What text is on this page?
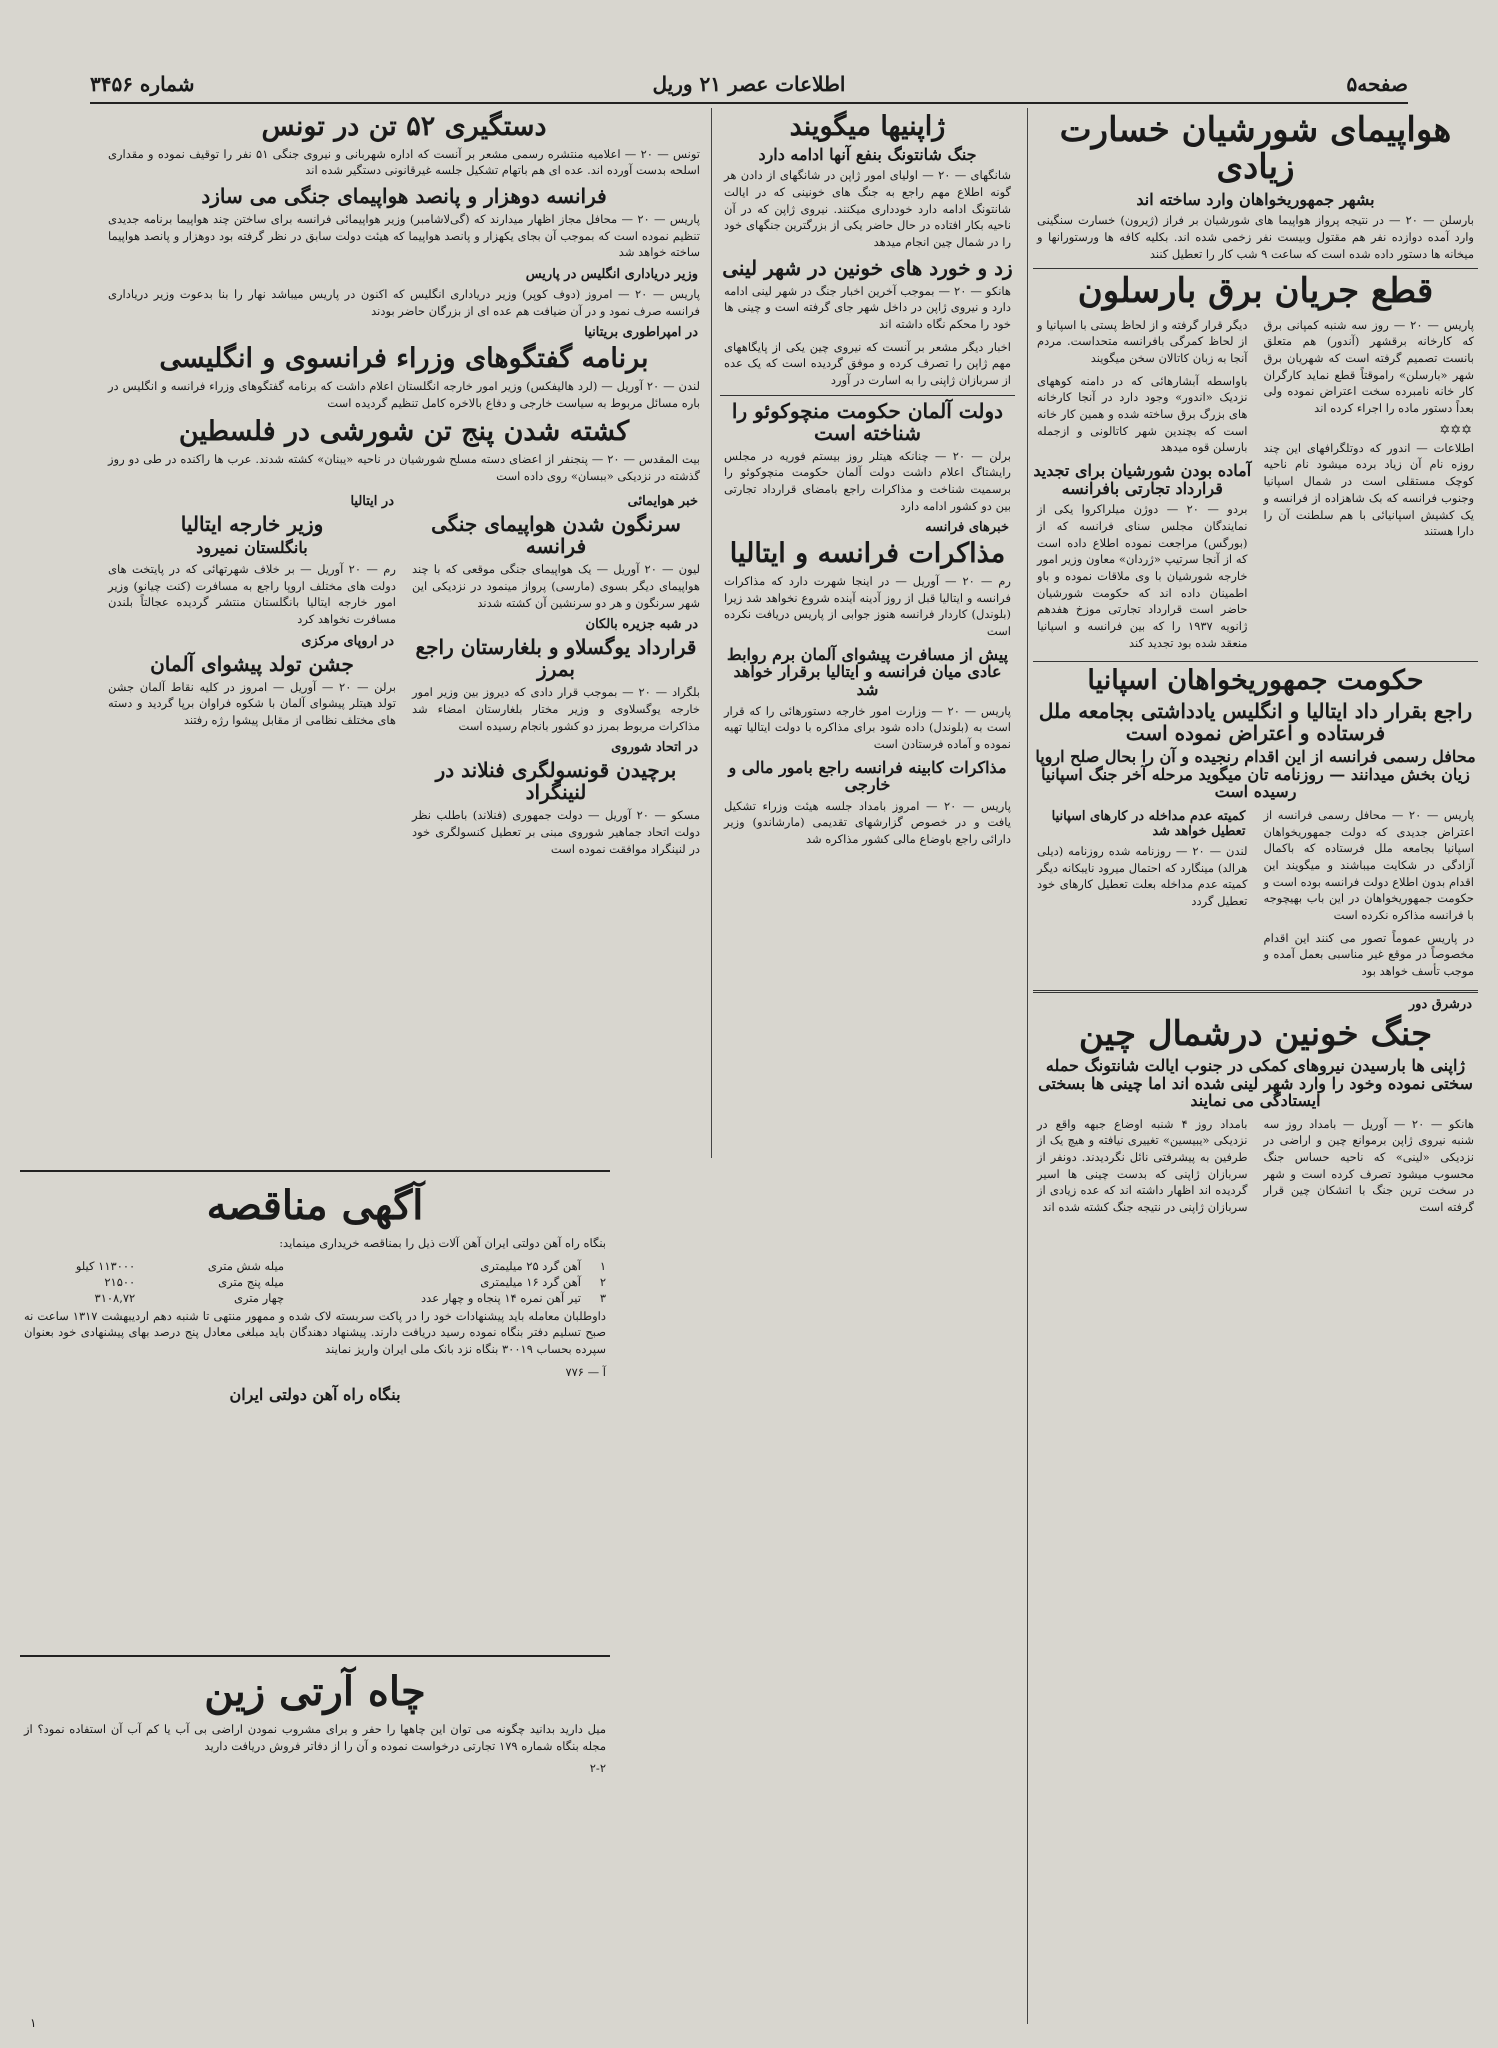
صفحه۵
اطلاعات عصر ۲۱ وریل
شماره ۳۴۵۶
هواپیمای شورشیان خسارت زیادی
بشهر جمهوریخواهان وارد ساخته اند
بارسلن — ۲۰ — در نتیجه پرواز هواپیما های شورشیان بر فراز (ژیرون) خسارت سنگینی وارد آمده دوازده نفر هم مقتول وبیست نفر زخمی شده اند. بکلیه کافه ها ورستورانها و میخانه ها دستور داده شده است که ساعت ۹ شب کار را تعطیل کنند
قطع جریان برق بارسلون
پاریس — ۲۰ — روز سه شنبه کمپانی برق که کارخانه برقشهر (آندور) هم متعلق بانست تصمیم گرفته است که شهریان برق شهر «بارسلن» راموقتاً قطع نماید کارگران کار خانه نامبرده سخت اعتراض نموده ولی بعداً دستور ماده را اجراء کرده اند
✡✡✡
اطلاعات — اندور که دوتلگرافهای این چند روزه نام آن زیاد برده میشود نام ناحیه کوچک مستقلی است در شمال اسپانیا وجنوب فرانسه که بک شاهزاده از فرانسه و یک کشیش اسپانیائی با هم سلطنت آن را دارا هستند
دیگر قرار گرفته و از لحاظ پستی با اسپانیا و از لحاظ کمرگی بافرانسه متحداست. مردم آنجا به زبان کاتالان سخن میگویند
باواسطه آبشارهائی که در دامنه کوههای نزدیک «اندور» وجود دارد در آنجا کارخانه های بزرگ برق ساخته شده و همین کار خانه است که بچندین شهر کاتالونی و ازجمله بارسلن قوه میدهد
آماده بودن شورشیان برای تجدید قرارداد تجارتی بافرانسه
بردو — ۲۰ — دوژن میلراکروا یکی از نمایندگان مجلس سنای فرانسه که از (بورگس) مراجعت نموده اطلاع داده است که از آنجا سرتیپ «ژردان» معاون وزیر امور خارجه شورشیان با وی ملاقات نموده و باو اطمینان داده اند که حکومت شورشیان حاضر است قرارداد تجارتی موزخ هفدهم ژانویه ۱۹۳۷ را که بین فرانسه و اسپانیا منعقد شده بود تجدید کند
حکومت جمهوریخواهان اسپانیا
راجع بقرار داد ایتالیا و انگلیس یادداشتی بجامعه ملل فرستاده و اعتراض نموده است
محافل رسمی فرانسه از این اقدام رنجیده و آن را بحال صلح اروپا زیان بخش میدانند — روزنامه تان میگوید مرحله آخر جنگ اسپانیا رسیده است
پاریس — ۲۰ — محافل رسمی فرانسه از اعتراض جدیدی که دولت جمهوریخواهان اسپانیا بجامعه ملل فرستاده که باکمال آزادگی در شکایت میباشند و میگویند این اقدام بدون اطلاع دولت فرانسه بوده است و حکومت جمهوریخواهان در این باب بهیچوجه با فرانسه مذاکره نکرده است
در پاریس عموماً تصور می کنند این اقدام مخصوصاً در موقع غیر مناسبی بعمل آمده و موجب تأسف خواهد بود
کمیته عدم مداخله در کارهای اسپانیا تعطیل خواهد شد
لندن — ۲۰ — روزنامه شده روزنامه (دیلی هرالد) مینگارد که احتمال میرود نایبکانه دیگر کمیته عدم مداخله بعلت تعطیل کارهای خود تعطیل گردد
درشرق دور
جنگ خونین درشمال چین
ژاپنی ها بارسیدن نیروهای کمکی در جنوب ایالت شانتونگ حمله سختی نموده وخود را وارد شهر لینی شده اند اما چینی ها بسختی ایستادگی می نمایند
هانکو — ۲۰ — آوریل — بامداد روز سه شنبه نیروی ژاپن برموانع چین و اراضی در نزدیکی «لینی» که ناحیه حساس جنگ محسوب میشود تصرف کرده است و شهر در سخت ترین جنگ با اتشکان چین قرار گرفته است
بامداد روز ۴ شنبه اوضاع جبهه واقع در نزدیکی «یبیسین» تغییری نیافته و هیچ یک از طرفین به پیشرفتی نائل نگردیدند. دونفر از سربازان ژاپنی که بدست چینی ها اسیر گردیده اند اظهار داشته اند که عده زیادی از سربازان ژاپنی در نتیجه جنگ کشته شده اند
ژاپنیها میگویند
جنگ شانتونگ بنفع آنها ادامه دارد
شانگهای — ۲۰ — اولیای امور ژاپن در شانگهای از دادن هر گونه اطلاع مهم راجع به جنگ های خونینی که در ایالت شانتونگ ادامه دارد خودداری میکنند. نیروی ژاپن که در آن ناحیه بکار افتاده در حال حاضر یکی از بزرگترین جنگهای خود را در شمال چین انجام میدهد
زد و خورد های خونین در شهر لینی
هانکو — ۲۰ — بموجب آخرین اخبار جنگ در شهر لینی ادامه دارد و نیروی ژاپن در داخل شهر جای گرفته است و چینی ها خود را محکم نگاه داشته اند
اخبار دیگر مشعر بر آنست که نیروی چین یکی از پایگاههای مهم ژاپن را تصرف کرده و موفق گردیده است که یک عده از سربازان ژاپنی را به اسارت در آورد
دولت آلمان حکومت منچوکوئو را شناخته است
برلن — ۲۰ — چنانکه هیتلر روز بیستم فوریه در مجلس رایشتاگ اعلام داشت دولت آلمان حکومت منچوکوئو را برسمیت شناخت و مذاکرات راجع بامضای قرارداد تجارتی بین دو کشور ادامه دارد
خبرهای فرانسه
مذاکرات فرانسه و ایتالیا
رم — ۲۰ — آوریل — در اینجا شهرت دارد که مذاکرات فرانسه و ایتالیا قبل از روز آدینه آینده شروع نخواهد شد زیرا (بلوندل) کاردار فرانسه هنوز جوابی از پاریس دریافت نکرده است
پیش از مسافرت پیشوای آلمان برم روابط عادی میان فرانسه و ایتالیا برقرار خواهد شد
پاریس — ۲۰ — وزارت امور خارجه دستورهائی را که قرار است به (بلوندل) داده شود برای مذاکره با دولت ایتالیا تهیه نموده و آماده فرستادن است
مذاکرات کابینه فرانسه راجع بامور مالی و خارجی
پاریس — ۲۰ — امروز بامداد جلسه هیئت وزراء تشکیل یافت و در خصوص گزارشهای تقدیمی (مارشاندو) وزیر دارائی راجع باوضاع مالی کشور مذاکره شد
دستگیری ۵۲ تن در تونس
تونس — ۲۰ — اعلامیه منتشره رسمی مشعر بر آنست که اداره شهربانی و نیروی جنگی ۵۱ نفر را توقیف نموده و مقداری اسلحه بدست آورده اند. عده ای هم باتهام تشکیل جلسه غیرقانونی دستگیر شده اند
فرانسه دوهزار و پانصد هواپیمای جنگی می سازد
پاریس — ۲۰ — محافل مجاز اظهار میدارند که (گی‌لاشامبر) وزیر هواپیمائی فرانسه برای ساختن چند هواپیما برنامه جدیدی تنظیم نموده است که بموجب آن بجای یکهزار و پانصد هواپیما که هیئت دولت سابق در نظر گرفته بود دوهزار و پانصد هواپیما ساخته خواهد شد
وزیر دریاداری انگلیس در پاریس
پاریس — ۲۰ — امروز (دوف کوپر) وزیر دریاداری انگلیس که اکنون در پاریس میباشد نهار را بنا بدعوت وزیر دریاداری فرانسه صرف نمود و در آن ضیافت هم عده ای از بزرگان حاضر بودند
در امپراطوری بریتانیا
برنامه گفتگوهای وزراء فرانسوی و انگلیسی
لندن — ۲۰ آوریل — (لرد هالیفکس) وزیر امور خارجه انگلستان اعلام داشت که برنامه گفتگوهای وزراء فرانسه و انگلیس در باره مسائل مربوط به سیاست خارجی و دفاع بالاخره کامل تنظیم گردیده است
کشته شدن پنج تن شورشی در فلسطین
بیت المقدس — ۲۰ — پنجنفر از اعضای دسته مسلح شورشیان در ناحیه «یبنان» کشته شدند. عرب ها راکنده در طی دو روز گذشته در نزدیکی «ببسان» روی داده است
خبر هوایمائی
سرنگون شدن هواپیمای جنگی فرانسه
لیون — ۲۰ آوریل — یک هواپیمای جنگی موقعی که با چند هواپیمای دیگر بسوی (مارسی) پرواز مینمود در نزدیکی این شهر سرنگون و هر دو سرنشین آن کشته شدند
در شبه جزیره بالکان
قرارداد یوگسلاو و بلغارستان راجع بمرز
بلگراد — ۲۰ — بموجب قرار دادی که دیروز بین وزیر امور خارجه یوگسلاوی و وزیر مختار بلغارستان امضاء شد مذاکرات مربوط بمرز دو کشور بانجام رسیده است
در اتحاد شوروی
برچیدن قونسولگری فنلاند در لنینگراد
مسکو — ۲۰ آوریل — دولت جمهوری (فنلاند) باطلب نظر دولت اتحاد جماهیر شوروی مبنی بر تعطیل کنسولگری خود در لنینگراد موافقت نموده است
در ایتالیا
وزیر خارجه ایتالیا
بانگلستان نمیرود
رم — ۲۰ آوریل — بر خلاف شهرتهائی که در پایتخت های دولت های مختلف اروپا راجع به مسافرت (کنت چیانو) وزیر امور خارجه ایتالیا بانگلستان منتشر گردیده عجالتاً بلندن مسافرت نخواهد کرد
در اروپای مرکزی
جشن تولد پیشوای آلمان
برلن — ۲۰ — آوریل — امروز در کلیه نقاط آلمان جشن تولد هیتلر پیشوای آلمان با شکوه فراوان برپا گردید و دسته های مختلف نظامی از مقابل پیشوا رژه رفتند
آگهی مناقصه
بنگاه راه آهن دولتی ایران آهن آلات ذیل را بمناقصه خریداری مینماید:
۱	آهن گرد ۲۵ میلیمتری	میله شش متری	۱۱۳۰۰۰ کیلو
۲	آهن گرد ۱۶ میلیمتری	میله پنج متری	۲۱۵۰۰
۳	تیر آهن نمره ۱۴ پنجاه و چهار عدد	چهار متری	۳۱۰۸,۷۲
داوطلبان معامله باید پیشنهادات خود را در پاکت سربسته لاک شده و ممهور منتهی تا شنبه دهم اردیبهشت ۱۳۱۷ ساعت نه صبح تسلیم دفتر بنگاه نموده رسید دریافت دارند. پیشنهاد دهندگان باید مبلغی معادل پنج درصد بهای پیشنهادی خود بعنوان سپرده بحساب ۳۰۰۱۹ بنگاه نزد بانک ملی ایران واریز نمایند
آ — ۷۷۶
بنگاه راه آهن دولتی ایران
چاه آرتی زین
میل دارید بدانید چگونه می توان این چاهها را حفر و برای مشروب نمودن اراضی بی آب یا کم آب آن استفاده نمود؟ از مجله بنگاه شماره ۱۷۹ تجارتی درخواست نموده و آن را از دفاتر فروش دریافت دارید
۲-۲
۱
